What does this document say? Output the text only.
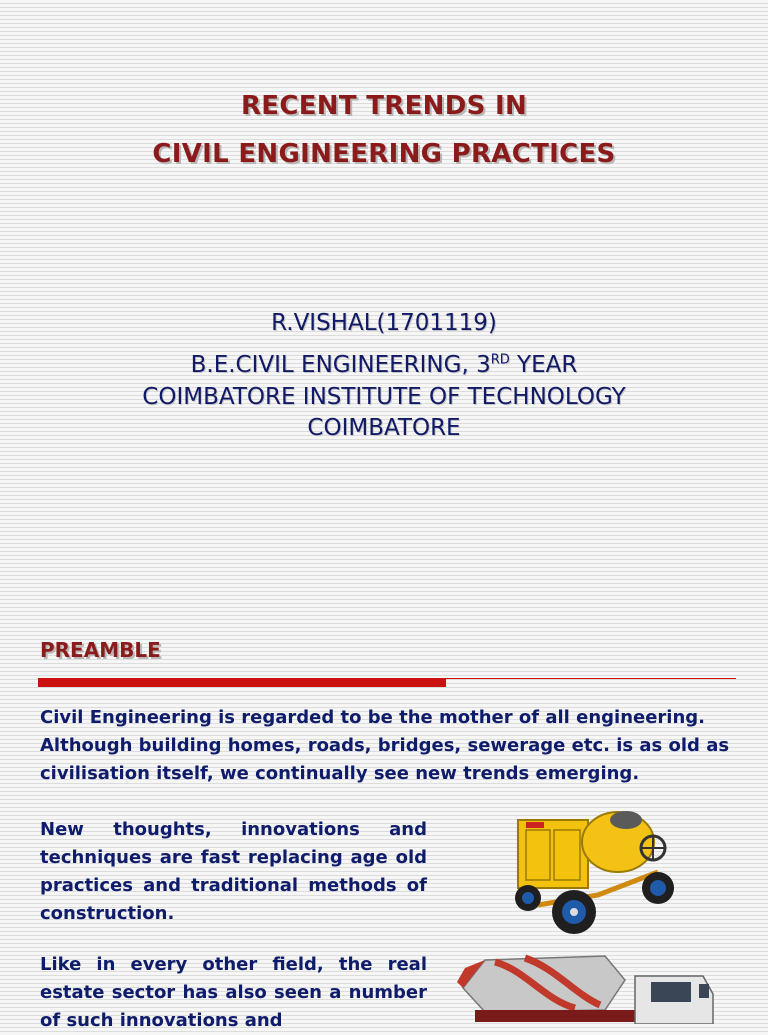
RECENT TRENDS IN
CIVIL ENGINEERING PRACTICES
R.VISHAL(1701119)
B.E.CIVIL ENGINEERING, 3RD YEAR
COIMBATORE INSTITUTE OF TECHNOLOGY
COIMBATORE
PREAMBLE

Civil Engineering is regarded to be the mother of all engineering. Although building homes, roads, bridges, sewerage etc. is as old as civilisation itself, we continually see new trends emerging.

New thoughts, innovations and techniques are fast replacing age old practices and traditional methods of construction.

Like in every other field, the real estate sector has also seen a number of such innovations and
